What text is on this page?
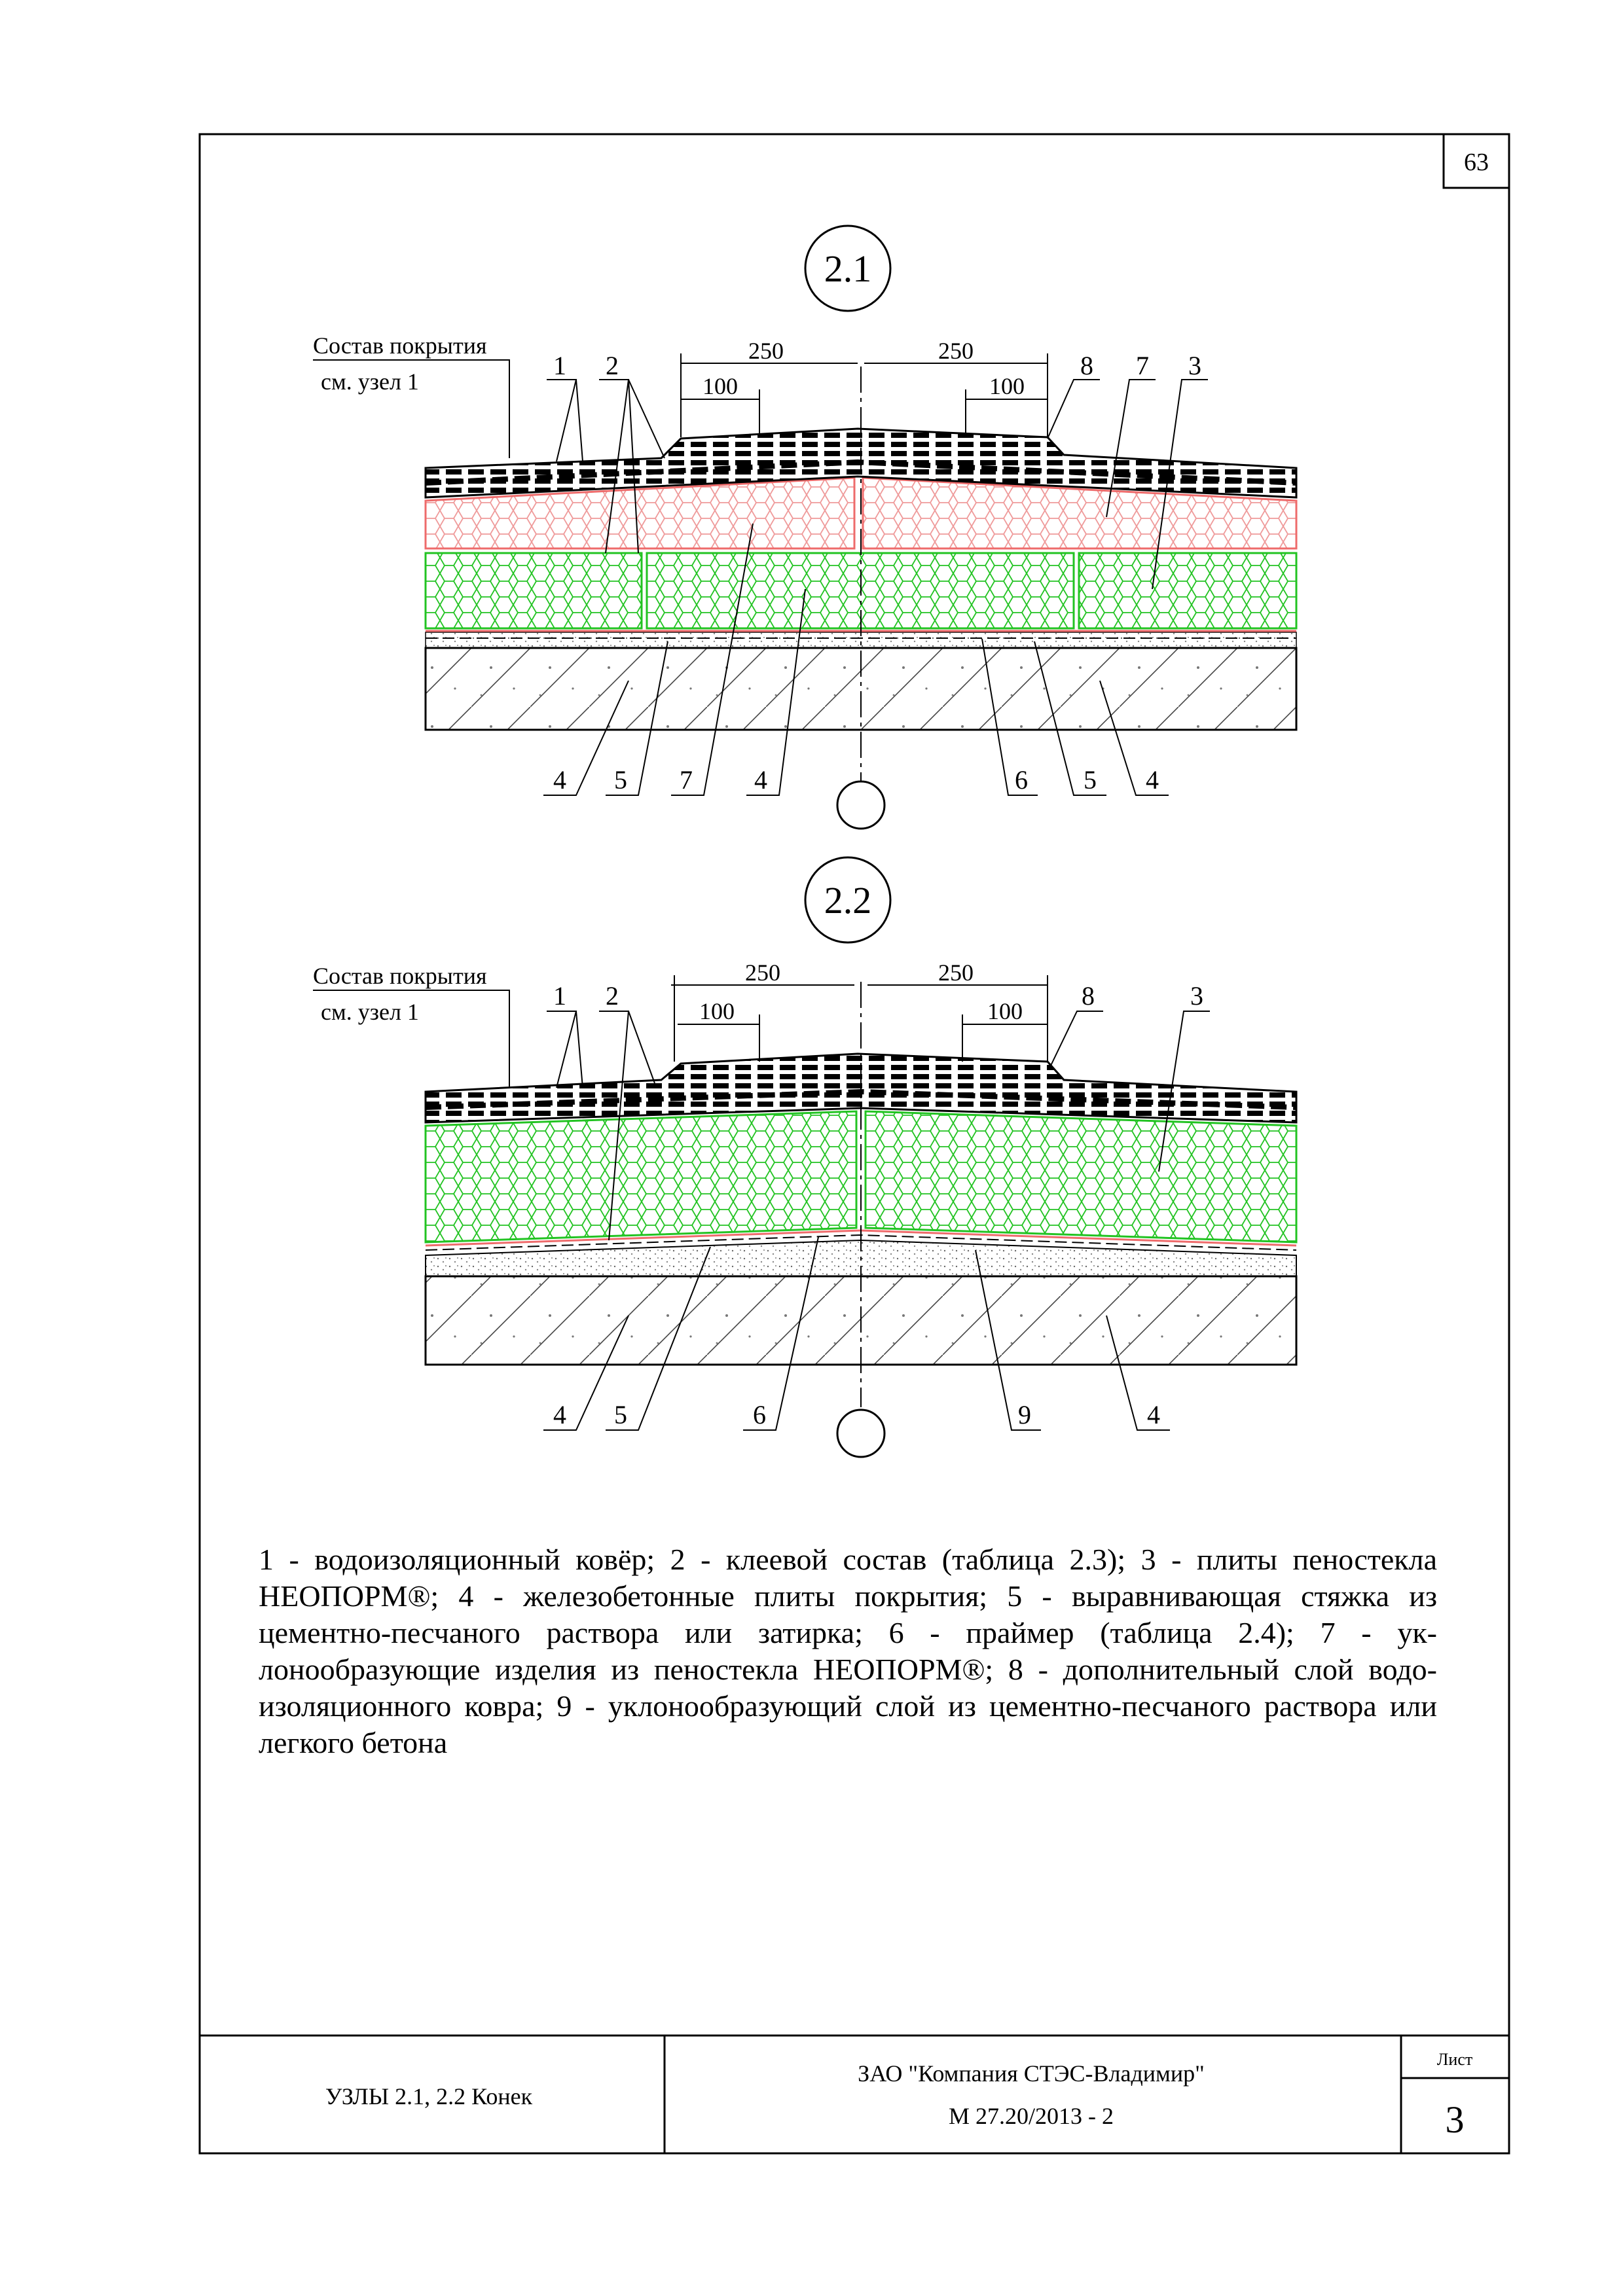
63
2.1
250	250
100	100
Состав покрытия
см. узел 1
1 2	8 7 3
4 5 7 4	6 5 4
2.2
250	250
100	100
Состав покрытия
см. узел 1
1 2	8	3
4 5	6	9	4
УЗЛЫ 2.1, 2.2 Конек
ЗАО "Компания СТЭС-Владимир"
М 27.20/2013 - 2
Лист
3

1 - водоизоляционный ковёр; 2 - клеевой состав (таблица 2.3); 3 - плиты пеностекла НЕОПОРМ®; 4 - железобетонные плиты покрытия; 5 - выравнивающая стяжка из цементно-песчаного раствора или затирка; 6 - праймер (таблица 2.4); 7 - ук-лонообразующие изделия из пеностекла НЕОПОРМ®; 8 - дополнительный слой водо-изоляционного ковра; 9 - уклонообразующий слой из цементно-песчаного раствора или легкого бетона
